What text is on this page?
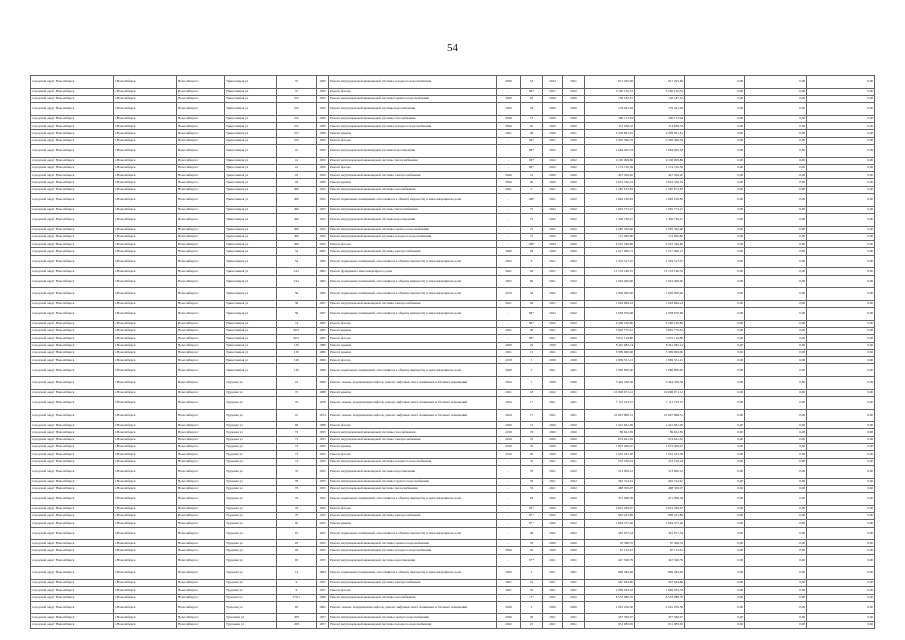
54
городской округ Новосибирск	г.Новосибирск	Новосибирск г	Трикотажная ул	37	1950	Ремонт внутридомовой инженерной системы холодного водоснабжения	2020	53	2024	2021	617 295,69	617 295,69	0,00	0,00	0,00
городской округ Новосибирск	г.Новосибирск	Новосибирск г	Трикотажная ул	37	1950	Ремонт фасада	-	96*	2021	2022	5 160 156,53	5 160 156,53	0,00	0,00	0,00
городской округ Новосибирск	г.Новосибирск	Новосибирск г	Трикотажная ул	37а	1950	Ремонт внутридомовой инженерной системы горячего водоснабжения	2020	85	2026	2020	156 187,01	156 187,01	0,00	0,00	0,00
городской округ Новосибирск	г.Новосибирск	Новосибирск г	Трикотажная ул	37а	1950	Ремонт внутридомовой инженерной системы водоотведения	2020	43	2020	2026	179 491,28	179 491,28	0,00	0,00	0,00
городской округ Новосибирск	г.Новосибирск	Новосибирск г	Трикотажная ул	37а	1950	Ремонт внутридомовой инженерной системы газоснабжения	2020	73	2020	2020	580 113,94	580 113,94	0,00	0,00	0,00
городской округ Новосибирск	г.Новосибирск	Новосибирск г	Трикотажная ул	37а	1950	Ремонт внутридомовой инженерной системы холодного водоснабжения	2020	45	2020	2020	113 938,32	113 938,32	0,00	0,00	0,00
городской округ Новосибирск	г.Новосибирск	Новосибирск г	Трикотажная ул	37а	1950	Ремонт крыши	2021	48	2020	2021	2 209 801,81	2 209 801,81	0,00	0,00	0,00
городской округ Новосибирск	г.Новосибирск	Новосибирск г	Трикотажная ул	37а	1950	Ремонт фасада	-	96*	2021	2022	5 365 366,79	5 365 366,79	0,00	0,00	0,00
городской округ Новосибирск	г.Новосибирск	Новосибирск г	Трикотажная ул	41	1950	Ремонт внутридомовой инженерной системы водоотведения	-	96*	2022	2022	1 664 495,53	1 664 495,53	0,00	0,00	0,00
городской округ Новосибирск	г.Новосибирск	Новосибирск г	Трикотажная ул	41	1950	Ремонт внутридомовой инженерной системы теплоснабжения	-	96*	2022	2022	4 100 909,86	4 100 909,86	0,00	0,00	0,00
городской округ Новосибирск	г.Новосибирск	Новосибирск г	Трикотажная ул	41	1950	Ремонт фасада	-	96*	2022	2022	1 174 720,50	1 174 720,50	0,00	0,00	0,00
городской округ Новосибирск	г.Новосибирск	Новосибирск г	Трикотажная ул	43	1950	Ремонт внутридомовой инженерной системы электроснабжения	2020	51	2020	2020	427 509,20	427 509,20	0,00	0,00	0,00
городской округ Новосибирск	г.Новосибирск	Новосибирск г	Трикотажная ул	43	1950	Ремонт крыши	2020	46	2020	2020	3 616 536,19	3 616 536,19	0,00	0,00	0,00
городской округ Новосибирск	г.Новосибирск	Новосибирск г	Трикотажная ул	49б	1952	Ремонт внутридомовой инженерной системы газоснабжения	2021	5	2021	2021	1 285 672,83	1 285 672,83	0,00	0,00	0,00
городской округ Новосибирск	г.Новосибирск	Новосибирск г	Трикотажная ул	49б	1952	Ремонт подвальных помещений, относящихся к общему имуществу в многоквартирном доме	-	100*	2021	2022	1 862 236,83	1 862 236,83	0,00	0,00	0,00
городской округ Новосибирск	г.Новосибирск	Новосибирск г	Трикотажная ул	49б	1952	Ремонт внутридомовой инженерной системы теплоснабжения	-	75	2022	2022	1 065 772,27	1 065 772,27	0,00	0,00	0,00
городской округ Новосибирск	г.Новосибирск	Новосибирск г	Трикотажная ул	49б	1952	Ремонт внутридомовой инженерной системы водоотведения	-	75	2022	2022	1 300 736,47	1 300 736,47	0,00	0,00	0,00
городской округ Новосибирск	г.Новосибирск	Новосибирск г	Трикотажная ул	49б	1952	Ремонт внутридомовой инженерной системы горячего водоснабжения	-	75	2022	2022	2 285 362,60	2 285 362,60	0,00	0,00	0,00
городской округ Новосибирск	г.Новосибирск	Новосибирск г	Трикотажная ул	49б	1952	Ремонт внутридомовой инженерной системы холодного водоснабжения	-	75	2022	2022	715 990,86	715 990,86	0,00	0,00	0,00
городской округ Новосибирск	г.Новосибирск	Новосибирск г	Трикотажная ул	49б	1952	Ремонт фасада	-	100*	2023	2022	4 525 546,80	4 525 546,80	0,00	0,00	0,00
городской округ Новосибирск	г.Новосибирск	Новосибирск г	Трикотажная ул	54	1965	Ремонт внутридомовой инженерной системы электроснабжения	2020	69	2020	2020	1 017 996,15	1 017 996,15	0,00	0,00	0,00
городской округ Новосибирск	г.Новосибирск	Новосибирск г	Трикотажная ул	54	1965	Ремонт подвальных помещений, относящихся к общему имуществу в многоквартирном доме	2022	6	2021	2022	1 319 517,07	1 319 517,07	0,00	0,00	0,00
городской округ Новосибирск	г.Новосибирск	Новосибирск г	Трикотажная ул	54/1	1965	Ремонт фундамента многоквартирного дома	2021	20	2021	2021	13 133 146,35	13 133 146,35	0,00	0,00	0,00
городской округ Новосибирск	г.Новосибирск	Новосибирск г	Трикотажная ул	54/1	1965	Ремонт подвальных помещений, относящихся к общему имуществу в многоквартирном доме	2022	60	2021	2022	1 924 400,00	1 924 400,00	0,00	0,00	0,00
городской округ Новосибирск	г.Новосибирск	Новосибирск г	Трикотажная ул	56	1965	Ремонт подвальных помещений, относящихся к общему имуществу в многоквартирном доме	2019	34	2022	2022	1 606 000,00	1 606 000,00	0,00	0,00	0,00
городской округ Новосибирск	г.Новосибирск	Новосибирск г	Трикотажная ул	58	1957	Ремонт внутридомовой инженерной системы электроснабжения	2021	49	2021	2022	1 093 899,23	1 093 899,23	0,00	0,00	0,00
городской округ Новосибирск	г.Новосибирск	Новосибирск г	Трикотажная ул	58	1957	Ремонт подвальных помещений, относящихся к общему имуществу в многоквартирном доме	-	86*	2022	2022	1 658 976,68	1 658 976,68	0,00	0,00	0,00
городской округ Новосибирск	г.Новосибирск	Новосибирск г	Трикотажная ул	74	1965	Ремонт фасада	-	89*	2022	2022	4 266 106,80	4 266 106,80	0,00	0,00	0,00
городской округ Новосибирск	г.Новосибирск	Новосибирск г	Трикотажная ул	60/1	1965	Ремонт крыши	2021	49	2021	2021	3 092 770,61	3 092 770,61	0,00	0,00	0,00
городской округ Новосибирск	г.Новосибирск	Новосибирск г	Трикотажная ул	60/1	1965	Ремонт фасада	-	89*	2021	2022	5 631 116,80	5 631 116,80	0,00	0,00	0,00
городской округ Новосибирск	г.Новосибирск	Новосибирск г	Трикотажная ул	13б	1986	Ремонт крыши	2020	22	2020	2020	8 461 982,14	8 461 982,14	0,00	0,00	0,00
городской округ Новосибирск	г.Новосибирск	Новосибирск г	Трикотажная ул	13б	1986	Ремонт крыши	2021	13	2021	2021	3 309 000,00	3 309 000,00	0,00	0,00	0,00
городской округ Новосибирск	г.Новосибирск	Новосибирск г	Трикотажная ул	14б	1968	Ремонт фасада	2018	5	2020	2020	1 869 551,21	1 869 551,21	0,00	0,00	0,00
городской округ Новосибирск	г.Новосибирск	Новосибирск г	Трикотажная ул	14б	1968	Ремонт подвальных помещений, относящихся к общему имуществу в многоквартирном доме	2020	5	2021	2021	1 060 800,00	1 060 800,00	0,00	0,00	0,00
городской округ Новосибирск	г.Новосибирск	Новосибирск г	Трудовая ул	23	1960	Ремонт, замена, модернизация лифтов, ремонт лифтовых шахт, машинных и блочных помещений	2024	7	2026	2026	5 444 436,56	5 444 436,56	0,00	0,00	0,00
городской округ Новосибирск	г.Новосибирск	Новосибирск г	Трудовая ул	72	1980	Ремонт крыши	2021	18	2022	2021	10 096 071,12	10 096 071,12	0,00	0,00	0,00
городской округ Новосибирск	г.Новосибирск	Новосибирск г	Трудовая ул	70	1978	Ремонт, замена, модернизация лифтов, ремонт лифтовых шахт, машинных и блочных помещений	2024	1*	2021	2021	7 112 193,57	7 112 193,57	0,00	0,00	0,00
городской округ Новосибирск	г.Новосибирск	Новосибирск г	Трудовая ул	41	1974	Ремонт, замена, модернизация лифтов, ремонт лифтовых шахт, машинных и блочных помещений	2024	1*	2021	2021	10 697 898,51	10 697 898,51	0,00	0,00	0,00
городской округ Новосибирск	г.Новосибирск	Новосибирск г	Трудовая ул	69	1968	Ремонт фасада	2020	15	2020	2020	1 415 661,09	1 415 661,09	0,00	0,00	0,00
городской округ Новосибирск	г.Новосибирск	Новосибирск г	Трудовая ул	73	1955	Ремонт внутридомовой инженерной системы газоснабжения	2018	76	2020	2020	89 622,85	89 622,85	0,00	0,00	0,00
городской округ Новосибирск	г.Новосибирск	Новосибирск г	Трудовая ул	73	1955	Ремонт внутридомовой инженерной системы электроснабжения	2019	70	2020	2020	674 641,65	674 641,65	0,00	0,00	0,00
городской округ Новосибирск	г.Новосибирск	Новосибирск г	Трудовая ул	73	1955	Ремонт крыши	2018	76	2020	2020	1 875 496,97	1 875 496,97	0,00	0,00	0,00
городской округ Новосибирск	г.Новосибирск	Новосибирск г	Трудовая ул	73	1955	Ремонт фасада	2019	20	2020	2020	1 955 423,30	1 955 423,30	0,00	0,00	0,00
городской округ Новосибирск	г.Новосибирск	Новосибирск г	Трудовая ул	74	1955	Ремонт внутридомовой инженерной системы холодного водоснабжения	-	76	2021	2021	253 236,24	253 236,24	0,00	0,00	0,00
городской округ Новосибирск	г.Новосибирск	Новосибирск г	Трудовая ул	76	1955	Ремонт внутридомовой инженерной системы водоотведения	-	76	2021	2022	513 906,12	513 906,12	0,00	0,00	0,00
городской округ Новосибирск	г.Новосибирск	Новосибирск г	Трудовая ул	78	1955	Ремонт внутридомовой инженерной системы горячего водоснабжения	-	76	2021	2022	462 314,61	462 314,61	0,00	0,00	0,00
городской округ Новосибирск	г.Новосибирск	Новосибирск г	Трудовая ул	79	1955	Ремонт внутридомовой инженерной системы теплоснабжения	-	76	2021	2022	488 309,97	488 309,97	0,00	0,00	0,00
городской округ Новосибирск	г.Новосибирск	Новосибирск г	Трудовая ул	79	1955	Ремонт подвальных помещений, относящихся к общему имуществу в многоквартирном доме	-	64	2022	2022	471 098,38	471 098,38	0,00	0,00	0,00
городской округ Новосибирск	г.Новосибирск	Новосибирск г	Трудовая ул	79	1955	Ремонт фасада	-	93*	2022	2022	3 022 269,67	3 022 269,67	0,00	0,00	0,00
городской округ Новосибирск	г.Новосибирск	Новосибирск г	Трудовая ул	79	1955	Ремонт внутридомовой инженерной системы электроснабжения	-	87*	2022	2022	865 431,89	865 431,89	0,00	0,00	0,00
городской округ Новосибирск	г.Новосибирск	Новосибирск г	Трудовая ул	92	1955	Ремонт крыши	-	87*	2022	2022	1 664 377,40	1 664 377,40	0,00	0,00	0,00
городской округ Новосибирск	г.Новосибирск	Новосибирск г	Трудовая ул	91	1957	Ремонт подвальных помещений, относящихся к общему имуществу в многоквартирном доме	-	96	2022	2022	381 677,54	381 677,54	0,00	0,00	0,00
городской округ Новосибирск	г.Новосибирск	Новосибирск г	Трудовая ул	93	1955	Ремонт внутридомовой инженерной системы горячего водоснабжения	-	76	2020	2020	97 398,76	97 398,76	0,00	0,00	0,00
городской округ Новосибирск	г.Новосибирск	Новосибирск г	Трудовая ул	93	1955	Ремонт внутридомовой инженерной системы холодного водоснабжения	2020	50	2020	2020	67 152,61	67 152,61	0,00	0,00	0,00
городской округ Новосибирск	г.Новосибирск	Новосибирск г	Трудовая ул	93	1955	Ремонт внутридомовой инженерной системы водоотведения	-	87*	2021	2021	447 506,79	447 506,79	0,00	0,00	0,00
городской округ Новосибирск	г.Новосибирск	Новосибирск г	Трудовая ул	14	1963	Ремонт подвальных помещений, относящихся к общему имуществу в многоквартирном доме	2020	3	2021	2021	899 483,46	899 483,46	0,00	0,00	0,00
городской округ Новосибирск	г.Новосибирск	Новосибирск г	Трудовая ул	9	1957	Ремонт внутридомовой инженерной системы электроснабжения	2021	41	2021	2021	567 044,80	567 044,80	0,00	0,00	0,00
городской округ Новосибирск	г.Новосибирск	Новосибирск г	Трудовая ул	9	1957	Ремонт фасада	2021	35	2021	2021	1 999 503,32	1 999 503,32	0,00	0,00	0,00
городской округ Новосибирск	г.Новосибирск	Новосибирск г	Тульская ул	270/1	1968	Ремонт внутридомовой инженерной системы газоснабжения	-	71*	2022	2022	8 553 080,70	8 553 080,70	0,00	0,00	0,00
городской округ Новосибирск	г.Новосибирск	Новосибирск г	Тульская ул	85	1962	Ремонт, замена, модернизация лифтов, ремонт лифтовых шахт, машинных и блочных помещений	2026	3	2026	2026	2 261 256,50	2 261 256,50	0,00	0,00	0,00
городской округ Новосибирск	г.Новосибирск	Новосибирск г	Тургенева ул	209	1957	Ремонт внутридомовой инженерной системы горячего водоснабжения	2026	26	2021	2021	457 390,07	457 390,07	0,00	0,00	0,00
городской округ Новосибирск	г.Новосибирск	Новосибирск г	Тургенева ул	209	1957	Ремонт внутридомовой инженерной системы холодного водоснабжения	2020	25	2021	2021	651 083,95	651 083,95	0,00	0,00	0,00
